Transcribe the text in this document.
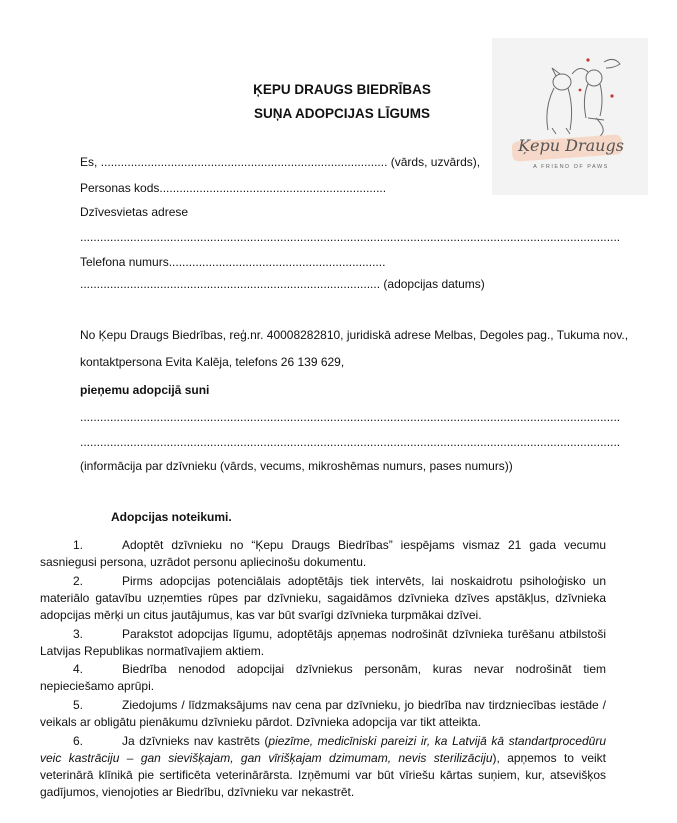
Ķepu Draugs
A FRIEND OF PAWS
ĶEPU DRAUGS BIEDRĪBAS
SUŅA ADOPCIJAS LĪGUMS
Es, ...................................................................................... (vārds, uzvārds),
Personas kods....................................................................
Dzīvesvietas adrese
..................................................................................................................................................................
Telefona numurs.................................................................
.......................................................................................... (adopcijas datums)
No Ķepu Draugs Biedrības, reģ.nr. 40008282810, juridiskā adrese Melbas, Degoles pag., Tukuma nov.,
kontaktpersona Evita Kalēja, telefons 26 139 629,
pieņemu adopcijā suni
..................................................................................................................................................................
..................................................................................................................................................................
(informācija par dzīvnieku (vārds, vecums, mikroshēmas numurs, pases numurs))
Adopcijas noteikumi.
1.	Adoptēt dzīvnieku no “Ķepu Draugs Biedrības” iespējams vismaz 21 gada vecumu sasniegusi persona, uzrādot personu apliecinošu dokumentu.
2.	Pirms adopcijas potenciālais adoptētājs tiek intervēts, lai noskaidrotu psiholoģisko un materiālo gatavību uzņemties rūpes par dzīvnieku, sagaidāmos dzīvnieka dzīves apstākļus, dzīvnieka adopcijas mērķi un citus jautājumus, kas var būt svarīgi dzīvnieka turpmākai dzīvei.
3.	Parakstot adopcijas līgumu, adoptētājs apņemas nodrošināt dzīvnieka turēšanu atbilstoši Latvijas Republikas normatīvajiem aktiem.
4.	Biedrība nenodod adopcijai dzīvniekus personām, kuras nevar nodrošināt tiem nepieciešamo aprūpi.
5.	Ziedojums / līdzmaksājums nav cena par dzīvnieku, jo biedrība nav tirdzniecības iestāde / veikals ar obligātu pienākumu dzīvnieku pārdot. Dzīvnieka adopcija var tikt atteikta.
6.	Ja dzīvnieks nav kastrēts (piezīme, medicīniski pareizi ir, ka Latvijā kā standartprocedūru veic kastrāciju – gan sievišķajam, gan vīrišķajam dzimumam, nevis sterilizāciju), apņemos to veikt veterinārā klīnikā pie sertificēta veterinārārsta. Izņēmumi var būt vīriešu kārtas suņiem, kur, atsevišķos gadījumos, vienojoties ar Biedrību, dzīvnieku var nekastrēt.
